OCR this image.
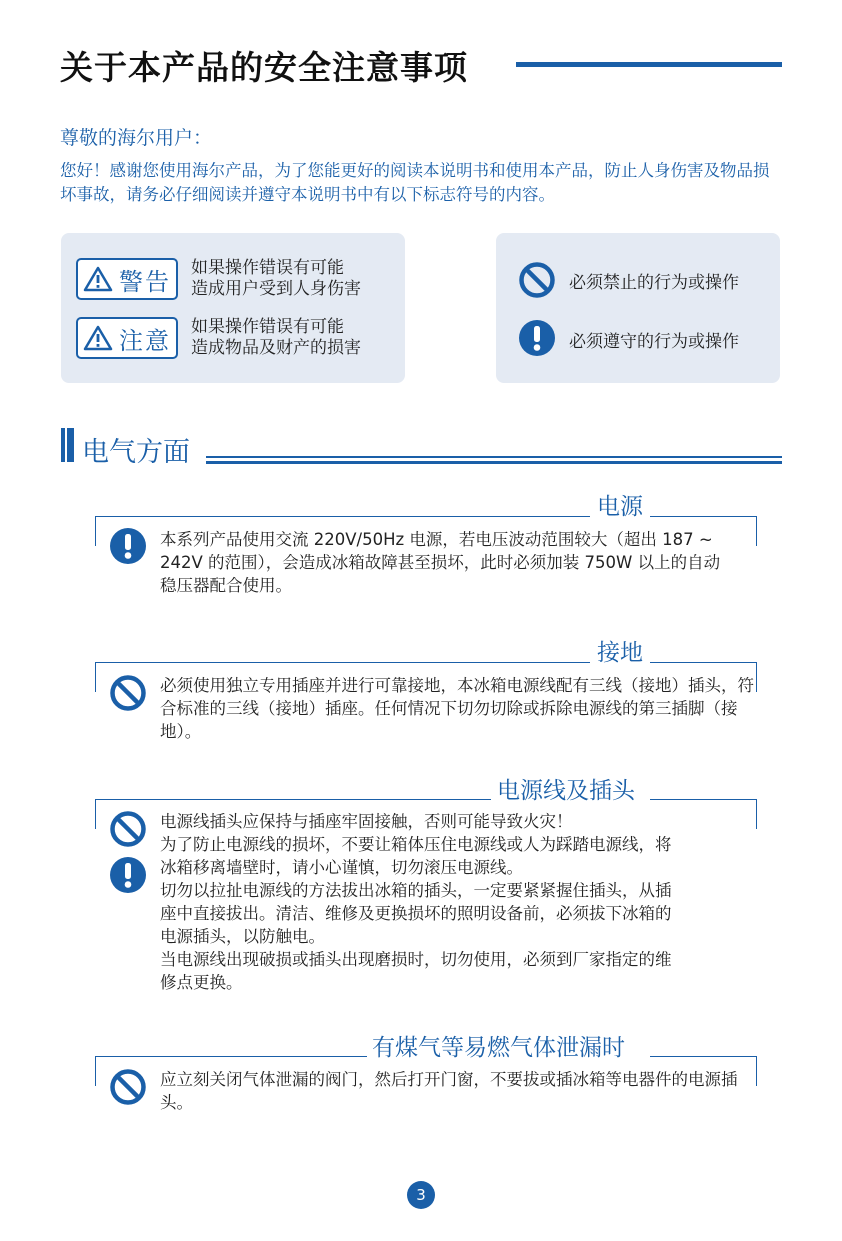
关于本产品的安全注意事项
尊敬的海尔用户：
您好！感谢您使用海尔产品，为了您能更好的阅读本说明书和使用本产品，防止人身伤害及物品损坏事故，请务必仔细阅读并遵守本说明书中有以下标志符号的内容。
警告 如果操作错误有可能
造成用户受到人身伤害
注意 如果操作错误有可能
造成物品及财产的损害
必须禁止的行为或操作
必须遵守的行为或操作
电气方面
电源
本系列产品使用交流 220V/50Hz 电源，若电压波动范围较大（超出 187 ~ 242V 的范围），会造成冰箱故障甚至损坏，此时必须加装 750W 以上的自动稳压器配合使用。
接地
必须使用独立专用插座并进行可靠接地，本冰箱电源线配有三线（接地）插头，符合标准的三线（接地）插座。任何情况下切勿切除或拆除电源线的第三插脚（接地）。
电源线及插头
电源线插头应保持与插座牢固接触，否则可能导致火灾！
为了防止电源线的损坏，不要让箱体压住电源线或人为踩踏电源线，将
冰箱移离墙壁时，请小心谨慎，切勿滚压电源线。
切勿以拉扯电源线的方法拔出冰箱的插头，一定要紧紧握住插头，从插
座中直接拔出。清洁、维修及更换损坏的照明设备前，必须拔下冰箱的
电源插头，以防触电。
当电源线出现破损或插头出现磨损时，切勿使用，必须到厂家指定的维
修点更换。
有煤气等易燃气体泄漏时
应立刻关闭气体泄漏的阀门，然后打开门窗，不要拔或插冰箱等电器件的电源插头。
3
